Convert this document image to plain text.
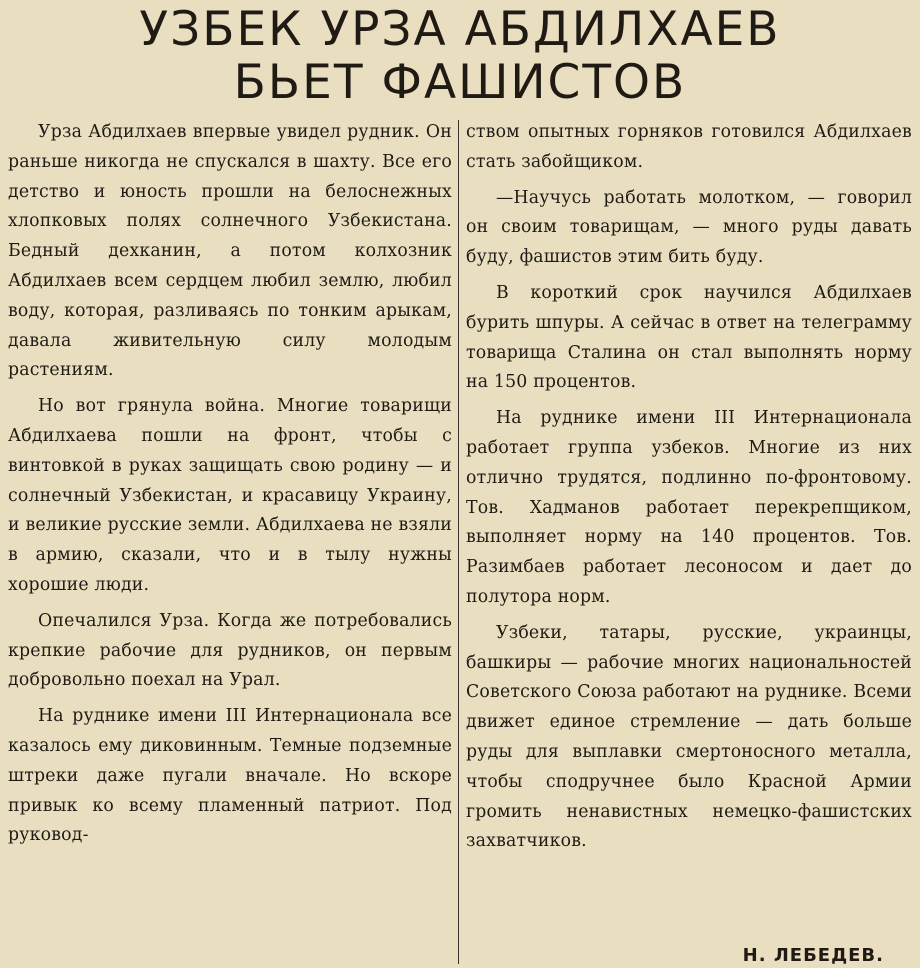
УЗБЕК УРЗА АБДИЛХАЕВ
БЬЕТ ФАШИСТОВ

Урза Абдилхаев впервые увидел рудник. Он раньше никогда не спускался в шахту. Все его детство и юность прошли на белоснежных хлопковых полях солнечного Узбекистана. Бедный дехканин, а потом колхозник Абдилхаев всем сердцем любил землю, любил воду, которая, разливаясь по тонким арыкам, давала живительную силу молодым растениям.

Но вот грянула война. Многие товарищи Абдилхаева пошли на фронт, чтобы с винтовкой в руках защищать свою родину — и солнечный Узбекистан, и красавицу Украину, и великие русские земли. Абдилхаева не взяли в армию, сказали, что и в тылу нужны хорошие люди.

Опечалился Урза. Когда же потребовались крепкие рабочие для рудников, он первым добровольно поехал на Урал.

На руднике имени III Интернационала все казалось ему диковинным. Темные подземные штреки даже пугали вначале. Но вскоре привык ко всему пламенный патриот. Под руковод-

ством опытных горняков готовился Абдилхаев стать забойщиком.

—Научусь работать молотком, — говорил он своим товарищам, — много руды давать буду, фашистов этим бить буду.

В короткий срок научился Абдилхаев бурить шпуры. А сейчас в ответ на телеграмму товарища Сталина он стал выполнять норму на 150 процентов.

На руднике имени III Интернационала работает группа узбеков. Многие из них отлично трудятся, подлинно по-фронтовому. Тов. Хадманов работает перекрепщиком, выполняет норму на 140 процентов. Тов. Разимбаев работает лесоносом и дает до полутора норм.

Узбеки, татары, русские, украинцы, башкиры — рабочие многих национальностей Советского Союза работают на руднике. Всеми движет единое стремление — дать больше руды для выплавки смертоносного металла, чтобы сподручнее было Красной Армии громить ненавистных немецко-фашистских захватчиков.

Н. ЛЕБЕДЕВ.
